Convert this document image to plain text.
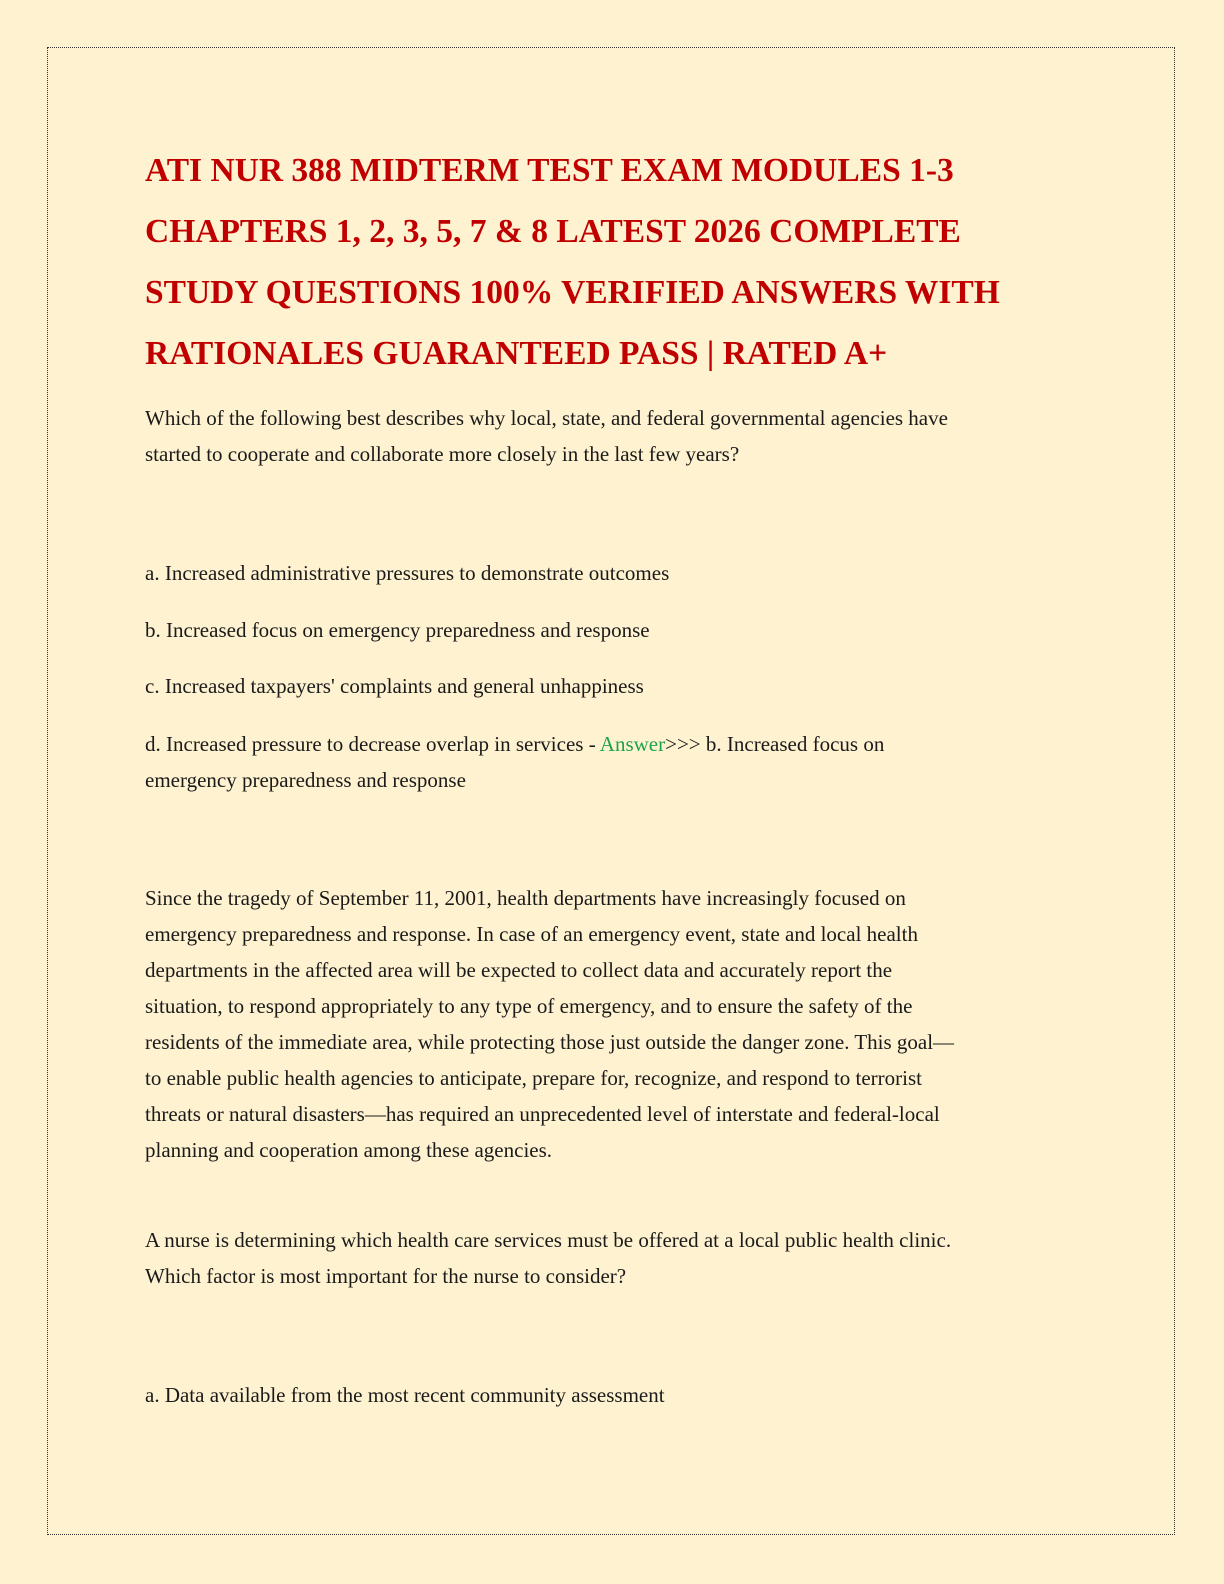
ATI NUR 388 MIDTERM TEST EXAM MODULES 1-3
CHAPTERS 1, 2, 3, 5, 7 & 8 LATEST 2026 COMPLETE
STUDY QUESTIONS 100% VERIFIED ANSWERS WITH
RATIONALES GUARANTEED PASS | RATED A+

Which of the following best describes why local, state, and federal governmental agencies have
started to cooperate and collaborate more closely in the last few years?

a. Increased administrative pressures to demonstrate outcomes

b. Increased focus on emergency preparedness and response

c. Increased taxpayers' complaints and general unhappiness

d. Increased pressure to decrease overlap in services - Answer>>> b. Increased focus on
emergency preparedness and response

Since the tragedy of September 11, 2001, health departments have increasingly focused on
emergency preparedness and response. In case of an emergency event, state and local health
departments in the affected area will be expected to collect data and accurately report the
situation, to respond appropriately to any type of emergency, and to ensure the safety of the
residents of the immediate area, while protecting those just outside the danger zone. This goal—
to enable public health agencies to anticipate, prepare for, recognize, and respond to terrorist
threats or natural disasters—has required an unprecedented level of interstate and federal-local
planning and cooperation among these agencies.

A nurse is determining which health care services must be offered at a local public health clinic.
Which factor is most important for the nurse to consider?

a. Data available from the most recent community assessment
